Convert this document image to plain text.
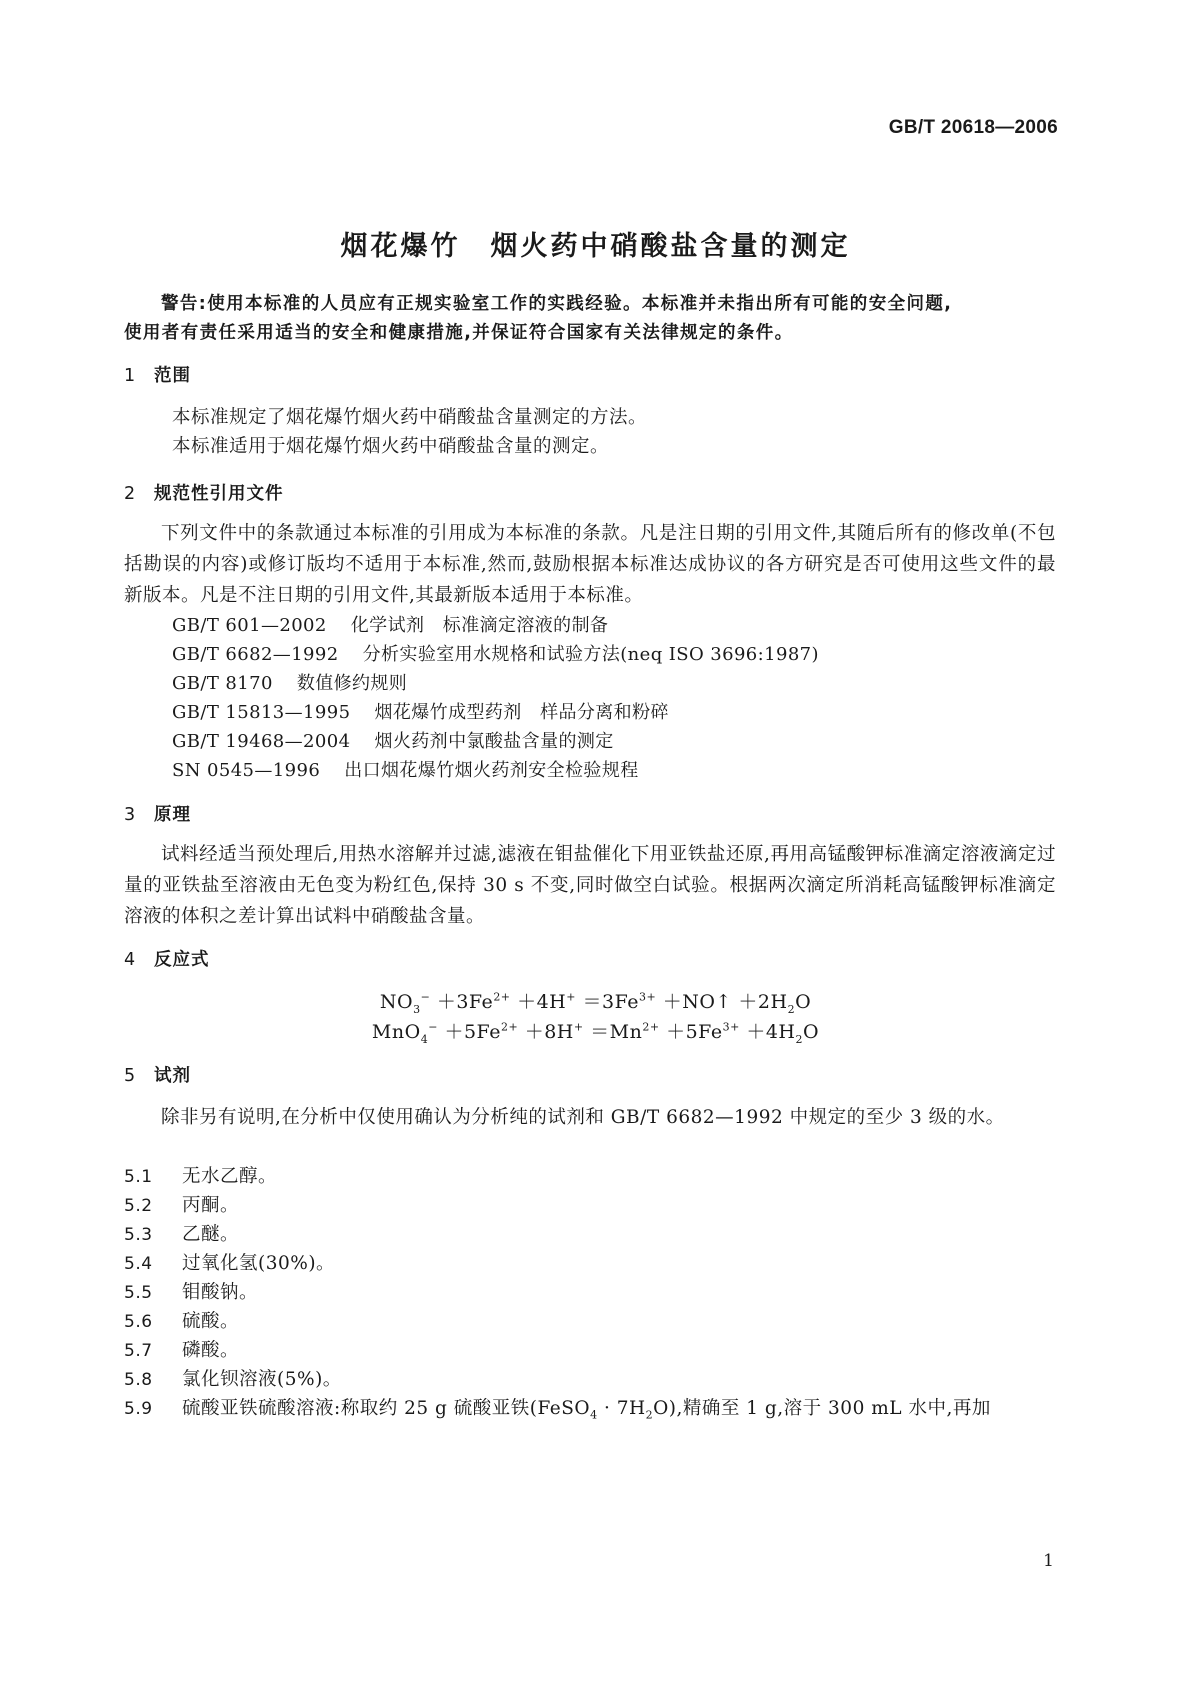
GB/T 20618—2006
烟花爆竹 烟火药中硝酸盐含量的测定
警告:使用本标准的人员应有正规实验室工作的实践经验。本标准并未指出所有可能的安全问题,
使用者有责任采用适当的安全和健康措施,并保证符合国家有关法律规定的条件。
1 范围
本标准规定了烟花爆竹烟火药中硝酸盐含量测定的方法。
本标准适用于烟花爆竹烟火药中硝酸盐含量的测定。
2 规范性引用文件
下列文件中的条款通过本标准的引用成为本标准的条款。凡是注日期的引用文件,其随后所有的修改单(不包括勘误的内容)或修订版均不适用于本标准,然而,鼓励根据本标准达成协议的各方研究是否可使用这些文件的最新版本。凡是不注日期的引用文件,其最新版本适用于本标准。
GB/T 601—2002 化学试剂　标准滴定溶液的制备
GB/T 6682—1992 分析实验室用水规格和试验方法(neq ISO 3696:1987)
GB/T 8170 数值修约规则
GB/T 15813—1995 烟花爆竹成型药剂　样品分离和粉碎
GB/T 19468—2004 烟火药剂中氯酸盐含量的测定
SN 0545—1996 出口烟花爆竹烟火药剂安全检验规程
3 原理
试料经适当预处理后,用热水溶解并过滤,滤液在钼盐催化下用亚铁盐还原,再用高锰酸钾标准滴定溶液滴定过量的亚铁盐至溶液由无色变为粉红色,保持 30 s 不变,同时做空白试验。根据两次滴定所消耗高锰酸钾标准滴定溶液的体积之差计算出试料中硝酸盐含量。
4 反应式
$NO_3^- +3Fe^{2+} +4H^+ =3Fe^{3+}$ ＋NO↑ $+2H_2O$
$MnO_4^- +5Fe^{2+} +8H^+ =Mn^{2+} +5Fe^{3+} +4H_2O$
5 试剂
除非另有说明,在分析中仅使用确认为分析纯的试剂和 GB/T 6682—1992 中规定的至少 3 级的水。
5.1 无水乙醇。
5.2 丙酮。
5.3 乙醚。
5.4 过氧化氢(30%)。
5.5 钼酸钠。
5.6 硫酸。
5.7 磷酸。
5.8 氯化钡溶液(5%)。
5.9 硫酸亚铁硫酸溶液:称取约 25 g 硫酸亚铁(FeSO$_4$ · $7H_2O$),精确至 1 g,溶于 300 mL 水中,再加
1
